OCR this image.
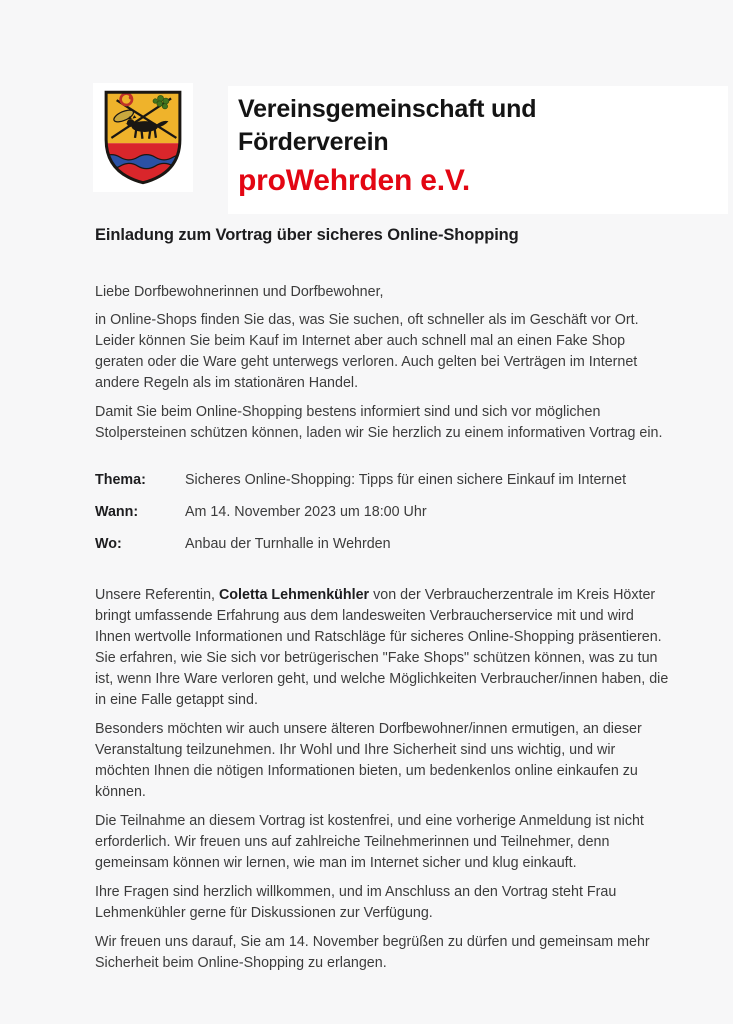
Vereinsgemeinschaft und
Förderverein
proWehrden e.V.
Einladung zum Vortrag über sicheres Online-Shopping

Liebe Dorfbewohnerinnen und Dorfbewohner,

in Online-Shops finden Sie das, was Sie suchen, oft schneller als im Geschäft vor Ort. Leider können Sie beim Kauf im Internet aber auch schnell mal an einen Fake Shop geraten oder die Ware geht unterwegs verloren. Auch gelten bei Verträgen im Internet andere Regeln als im stationären Handel.

Damit Sie beim Online-Shopping bestens informiert sind und sich vor möglichen Stolpersteinen schützen können, laden wir Sie herzlich zu einem informativen Vortrag ein.

Thema:	Sicheres Online-Shopping: Tipps für einen sichere Einkauf im Internet
Wann:	Am 14. November 2023 um 18:00 Uhr
Wo:	Anbau der Turnhalle in Wehrden

Unsere Referentin, Coletta Lehmenkühler von der Verbraucherzentrale im Kreis Höxter bringt umfassende Erfahrung aus dem landesweiten Verbraucherservice mit und wird Ihnen wertvolle Informationen und Ratschläge für sicheres Online-Shopping präsentieren. Sie erfahren, wie Sie sich vor betrügerischen "Fake Shops" schützen können, was zu tun ist, wenn Ihre Ware verloren geht, und welche Möglichkeiten Verbraucher/innen haben, die in eine Falle getappt sind.

Besonders möchten wir auch unsere älteren Dorfbewohner/innen ermutigen, an dieser Veranstaltung teilzunehmen. Ihr Wohl und Ihre Sicherheit sind uns wichtig, und wir möchten Ihnen die nötigen Informationen bieten, um bedenkenlos online einkaufen zu können.

Die Teilnahme an diesem Vortrag ist kostenfrei, und eine vorherige Anmeldung ist nicht erforderlich. Wir freuen uns auf zahlreiche Teilnehmerinnen und Teilnehmer, denn gemeinsam können wir lernen, wie man im Internet sicher und klug einkauft.

Ihre Fragen sind herzlich willkommen, und im Anschluss an den Vortrag steht Frau Lehmenkühler gerne für Diskussionen zur Verfügung.

Wir freuen uns darauf, Sie am 14. November begrüßen zu dürfen und gemeinsam mehr Sicherheit beim Online-Shopping zu erlangen.
